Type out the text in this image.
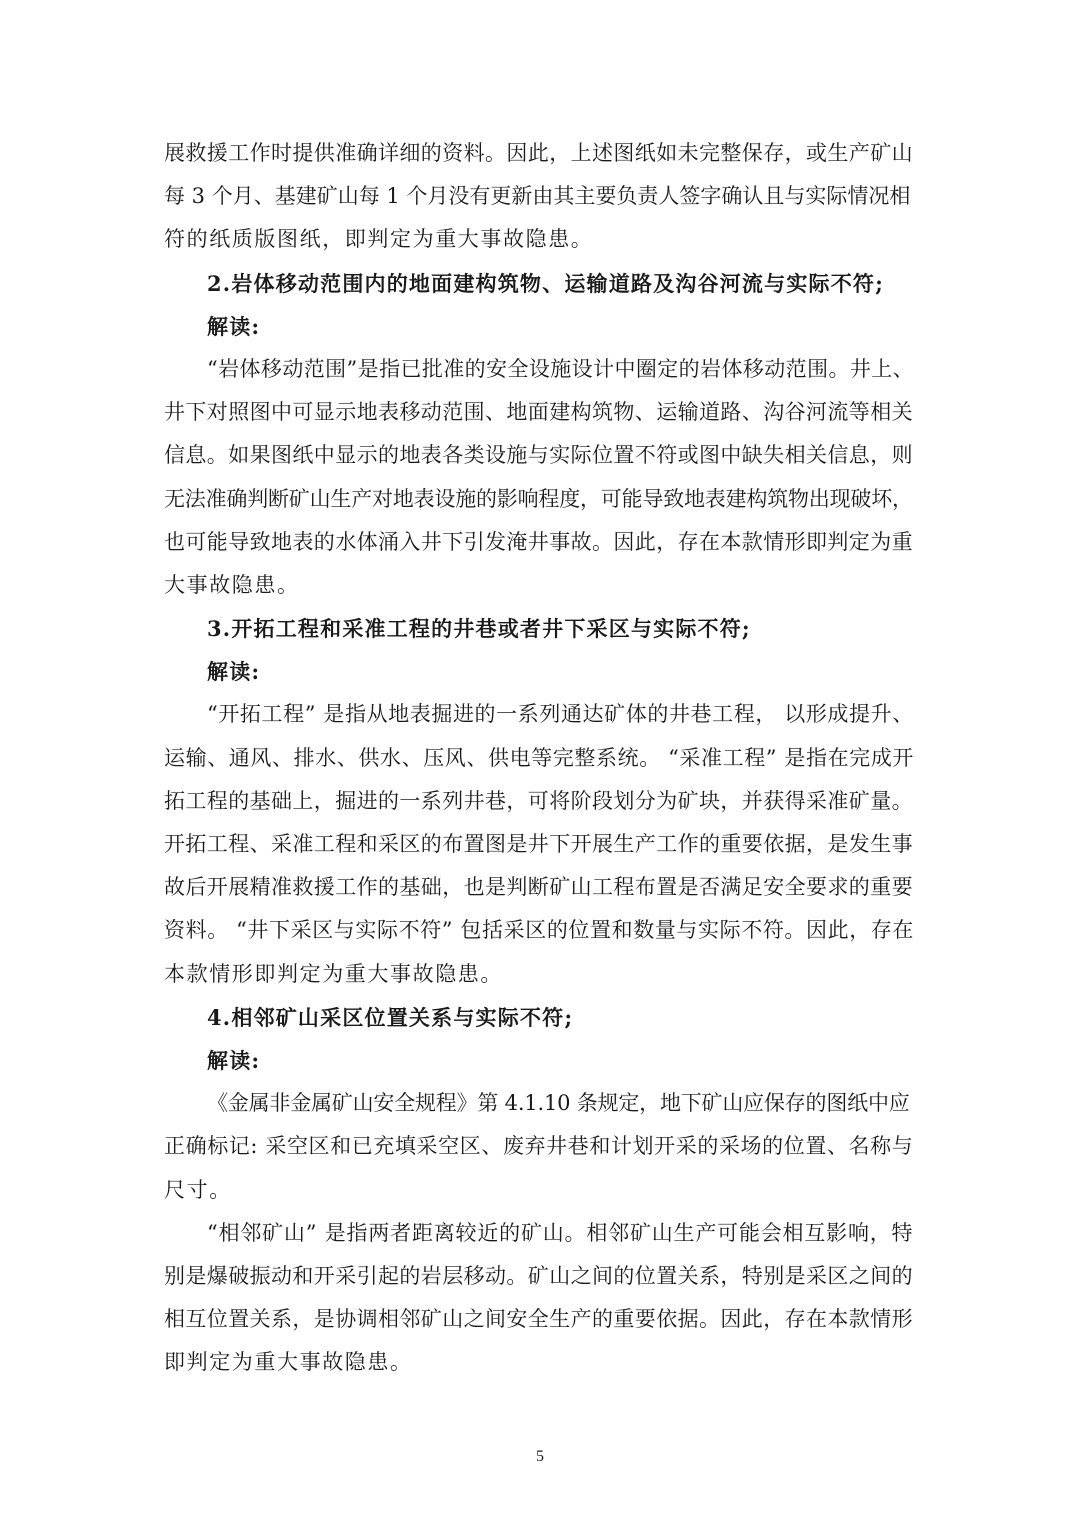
展救援工作时提供准确详细的资料。因此，上述图纸如未完整保存，或生产矿山
每 3 个月、基建矿山每 1 个月没有更新由其主要负责人签字确认且与实际情况相
符的纸质版图纸，即判定为重大事故隐患。
2.岩体移动范围内的地面建构筑物、运输道路及沟谷河流与实际不符;
解读:
“岩体移动范围”是指已批准的安全设施设计中圈定的岩体移动范围。井上、
井下对照图中可显示地表移动范围、地面建构筑物、运输道路、沟谷河流等相关
信息。如果图纸中显示的地表各类设施与实际位置不符或图中缺失相关信息，则
无法准确判断矿山生产对地表设施的影响程度，可能导致地表建构筑物出现破坏，
也可能导致地表的水体涌入井下引发淹井事故。因此，存在本款情形即判定为重
大事故隐患。
3.开拓工程和采准工程的井巷或者井下采区与实际不符;
解读:
“开拓工程” 是指从地表掘进的一系列通达矿体的井巷工程， 以形成提升、
运输、通风、排水、供水、压风、供电等完整系统。 “采准工程” 是指在完成开
拓工程的基础上，掘进的一系列井巷，可将阶段划分为矿块，并获得采准矿量。
开拓工程、采准工程和采区的布置图是井下开展生产工作的重要依据，是发生事
故后开展精准救援工作的基础，也是判断矿山工程布置是否满足安全要求的重要
资料。 “井下采区与实际不符” 包括采区的位置和数量与实际不符。因此，存在
本款情形即判定为重大事故隐患。
4.相邻矿山采区位置关系与实际不符;
解读:
《金属非金属矿山安全规程》第 4.1.10 条规定，地下矿山应保存的图纸中应
正确标记: 采空区和已充填采空区、废弃井巷和计划开采的采场的位置、名称与
尺寸。
“相邻矿山” 是指两者距离较近的矿山。相邻矿山生产可能会相互影响，特
别是爆破振动和开采引起的岩层移动。矿山之间的位置关系，特别是采区之间的
相互位置关系，是协调相邻矿山之间安全生产的重要依据。因此，存在本款情形
即判定为重大事故隐患。
5
